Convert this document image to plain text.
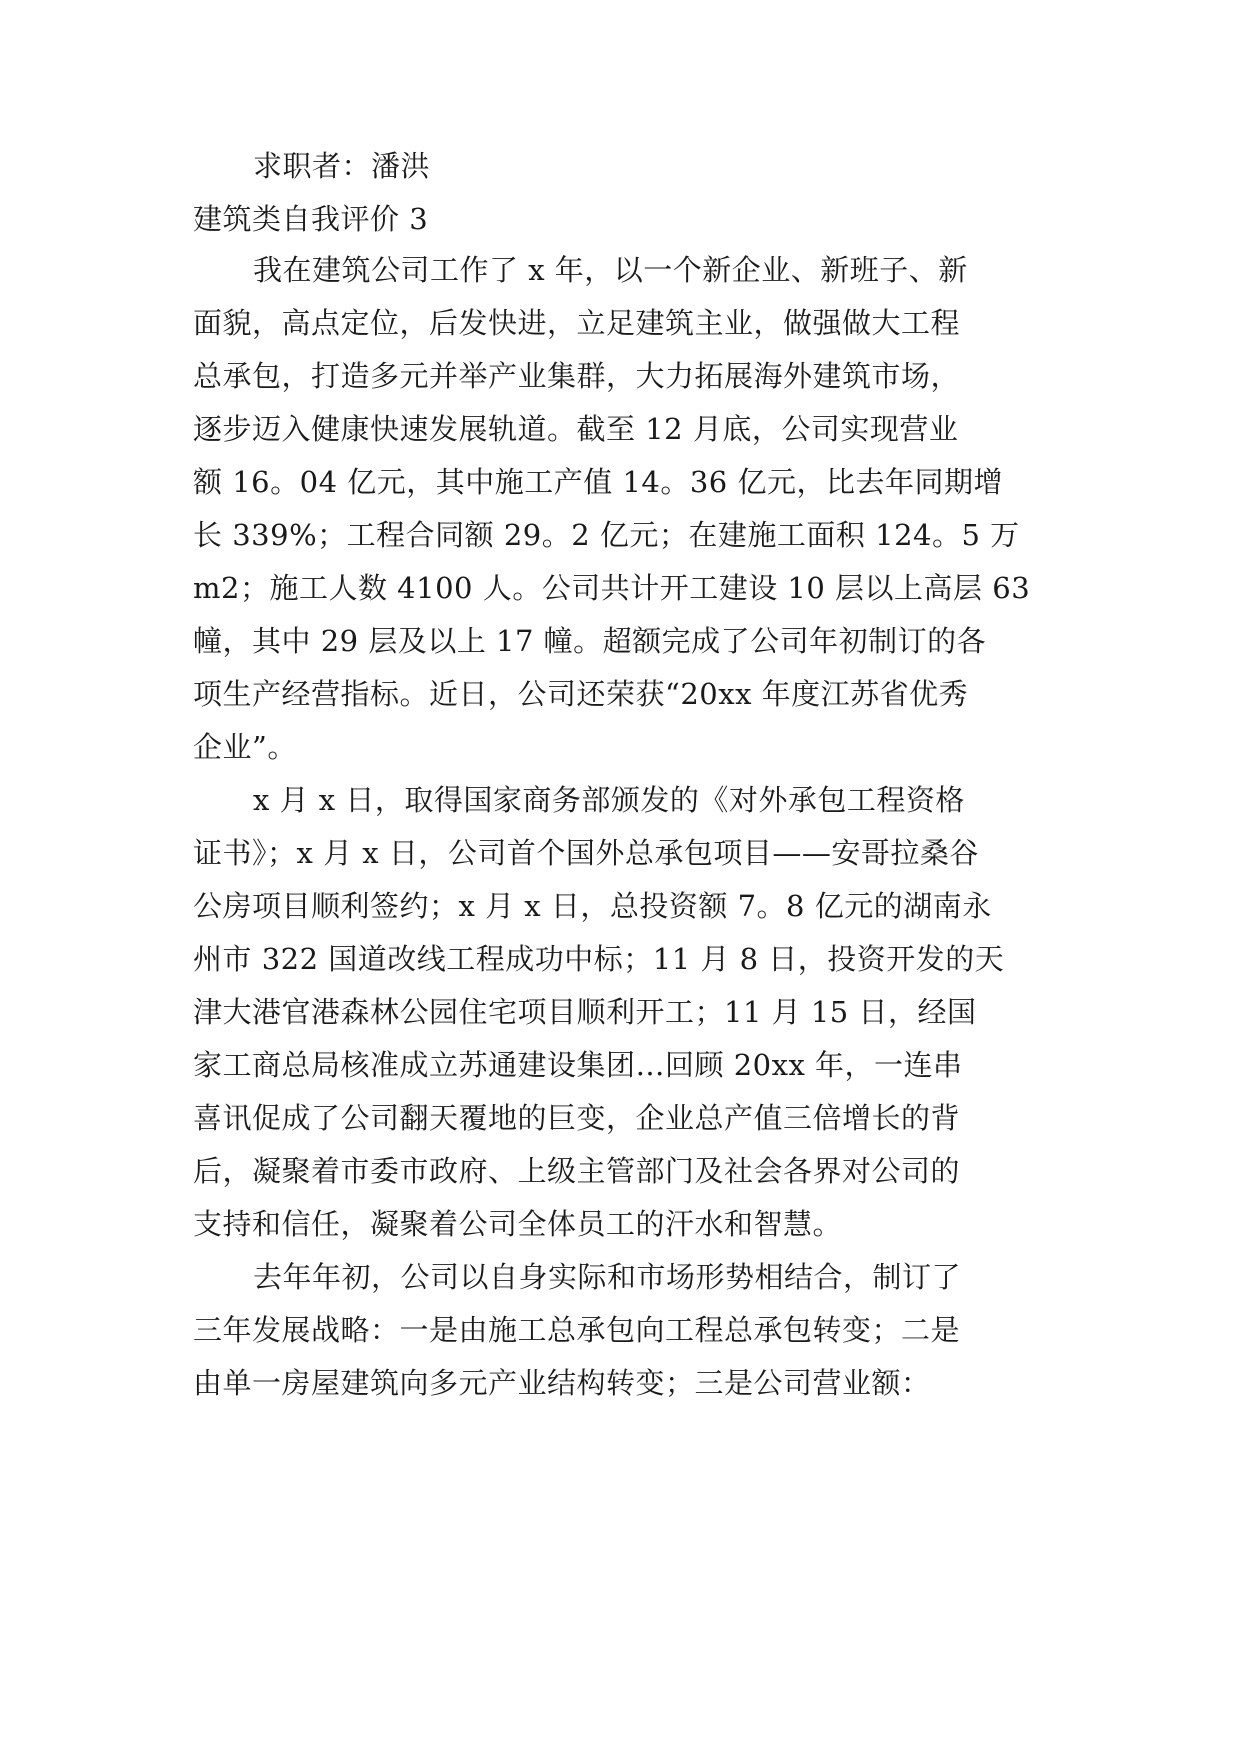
求职者：潘洪
建筑类自我评价 3
我在建筑公司工作了 x 年，以一个新企业、新班子、新
面貌，高点定位，后发快进，立足建筑主业，做强做大工程
总承包，打造多元并举产业集群，大力拓展海外建筑市场，
逐步迈入健康快速发展轨道。截至 12 月底，公司实现营业
额 16。04 亿元，其中施工产值 14。36 亿元，比去年同期增
长 339%；工程合同额 29。2 亿元；在建施工面积 124。5 万
m2；施工人数 4100 人。公司共计开工建设 10 层以上高层 63
幢，其中 29 层及以上 17 幢。超额完成了公司年初制订的各
项生产经营指标。近日，公司还荣获“20xx 年度江苏省优秀
企业”。
x 月 x 日，取得国家商务部颁发的《对外承包工程资格
证书》；x 月 x 日，公司首个国外总承包项目——安哥拉桑谷
公房项目顺利签约；x 月 x 日，总投资额 7。8 亿元的湖南永
州市 322 国道改线工程成功中标；11 月 8 日，投资开发的天
津大港官港森林公园住宅项目顺利开工；11 月 15 日，经国
家工商总局核准成立苏通建设集团…回顾 20xx 年，一连串
喜讯促成了公司翻天覆地的巨变，企业总产值三倍增长的背
后，凝聚着市委市政府、上级主管部门及社会各界对公司的
支持和信任，凝聚着公司全体员工的汗水和智慧。
去年年初，公司以自身实际和市场形势相结合，制订了
三年发展战略：一是由施工总承包向工程总承包转变；二是
由单一房屋建筑向多元产业结构转变；三是公司营业额：
